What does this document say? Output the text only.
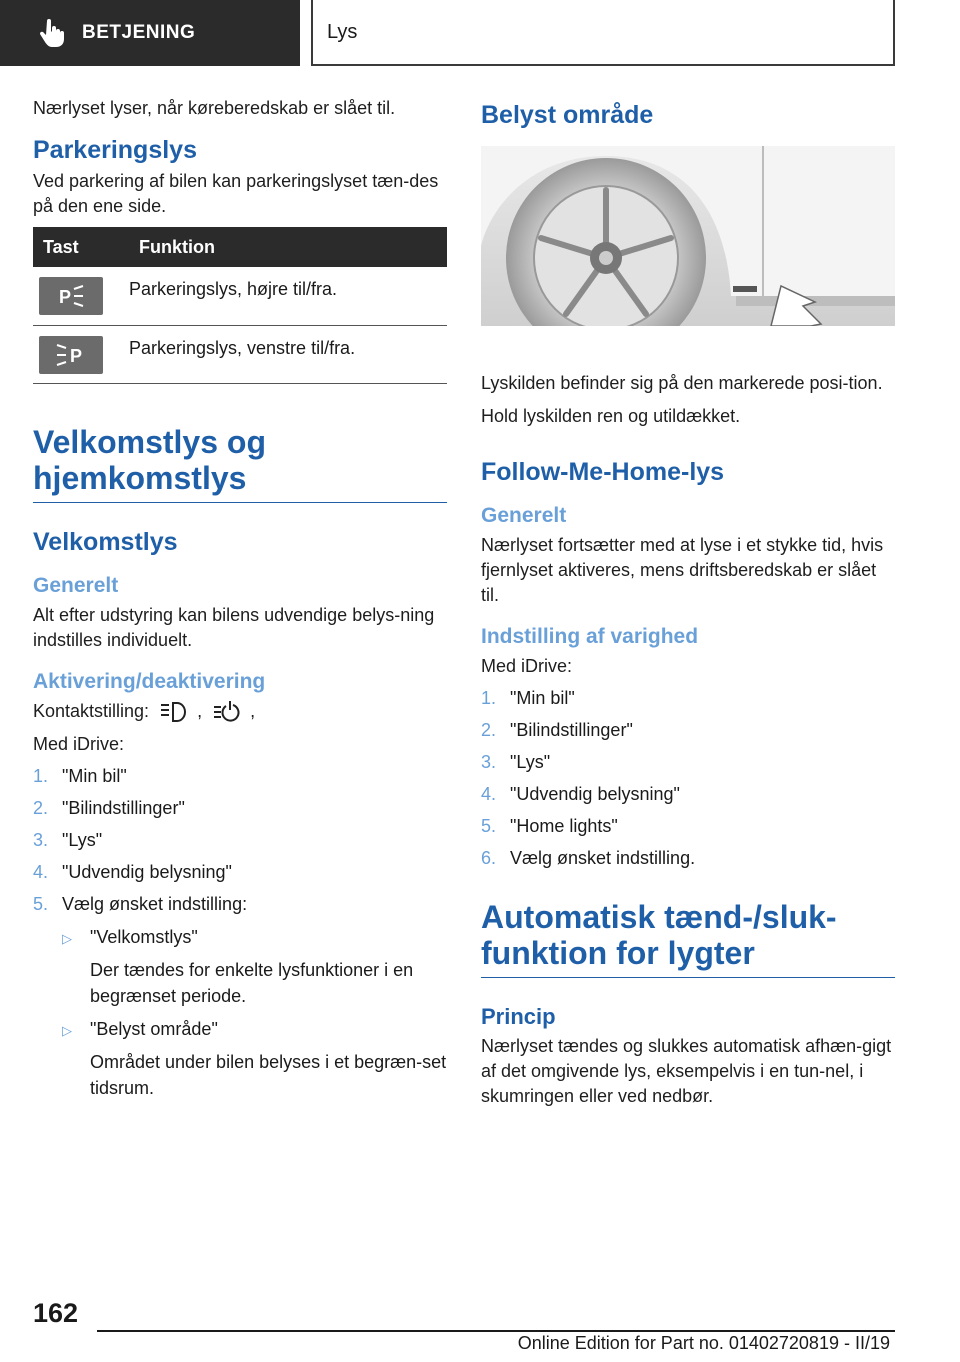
BETJENING	Lys

Nærlyset lyser, når køreberedskab er slået til.

Parkeringslys

Ved parkering af bilen kan parkeringslyset tæn-des på den ene side.

Tast	Funktion

P	Parkeringslys, højre til/fra.

P	Parkeringslys, venstre til/fra.
Velkomstlys og hjemkomstlys
Velkomstlys
Generelt

Alt efter udstyring kan bilens udvendige belys-ning indstilles individuelt.

Aktivering/deaktivering

Kontaktstilling:	,	,

Med iDrive:

1. "Min bil"
2. "Bilindstillinger"
3. "Lys"
4. "Udvendig belysning"
5. Vælg ønsket indstilling:
▷	"Velkomstlys"
Der tændes for enkelte lysfunktioner i en begrænset periode.
▷	"Belyst område"
Området under bilen belyses i et begræn-set tidsrum.
Belyst område

Lyskilden befinder sig på den markerede posi-tion.

Hold lyskilden ren og utildækket.

Follow-Me-Home-lys
Generelt

Nærlyset fortsætter med at lyse i et stykke tid, hvis fjernlyset aktiveres, mens driftsberedskab er slået til.

Indstilling af varighed

Med iDrive:

1. "Min bil"
2. "Bilindstillinger"
3. "Lys"
4. "Udvendig belysning"
5. "Home lights"
6. Vælg ønsket indstilling.
Automatisk tænd-/sluk-funktion for lygter
Princip

Nærlyset tændes og slukkes automatisk afhæn-gigt af det omgivende lys, eksempelvis i en tun-nel, i skumringen eller ved nedbør.

162
Online Edition for Part no. 01402720819 - II/19
